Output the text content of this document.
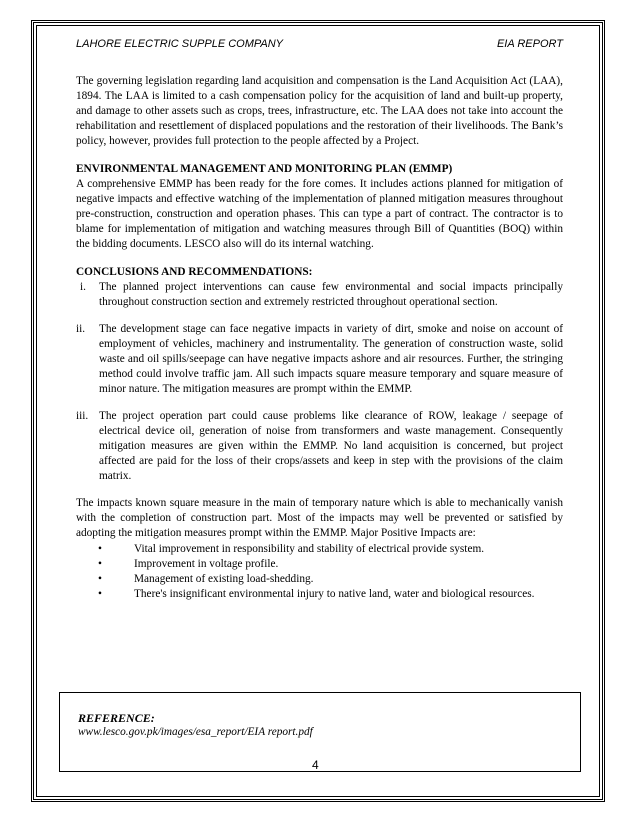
LAHORE ELECTRIC SUPPLE COMPANY	EIA REPORT

The governing legislation regarding land acquisition and compensation is the Land Acquisition Act (LAA), 1894. The LAA is limited to a cash compensation policy for the acquisition of land and built-up property, and damage to other assets such as crops, trees, infrastructure, etc. The LAA does not take into account the rehabilitation and resettlement of displaced populations and the restoration of their livelihoods. The Bank’s policy, however, provides full protection to the people affected by a Project.

ENVIRONMENTAL MANAGEMENT AND MONITORING PLAN (EMMP)

A comprehensive EMMP has been ready for the fore comes. It includes actions planned for mitigation of negative impacts and effective watching of the implementation of planned mitigation measures throughout pre-construction, construction and operation phases. This can type a part of contract. The contractor is to blame for implementation of mitigation and watching measures through Bill of Quantities (BOQ) within the bidding documents. LESCO also will do its internal watching.

CONCLUSIONS AND RECOMMENDATIONS:
i. The planned project interventions can cause few environmental and social impacts principally throughout construction section and extremely restricted throughout operational section.
ii. The development stage can face negative impacts in variety of dirt, smoke and noise on account of employment of vehicles, machinery and instrumentality. The generation of construction waste, solid waste and oil spills/seepage can have negative impacts ashore and air resources. Further, the stringing method could involve traffic jam. All such impacts square measure temporary and square measure of minor nature. The mitigation measures are prompt within the EMMP.
iii. The project operation part could cause problems like clearance of ROW, leakage / seepage of electrical device oil, generation of noise from transformers and waste management. Consequently mitigation measures are given within the EMMP. No land acquisition is concerned, but project affected are paid for the loss of their crops/assets and keep in step with the provisions of the claim matrix.

The impacts known square measure in the main of temporary nature which is able to mechanically vanish with the completion of construction part. Most of the impacts may well be prevented or satisfied by adopting the mitigation measures prompt within the EMMP. Major Positive Impacts are:

•	Vital improvement in responsibility and stability of electrical provide system.
•	Improvement in voltage profile.
•	Management of existing load-shedding.
•	There's insignificant environmental injury to native land, water and biological resources.
REFERENCE:
www.lesco.gov.pk/images/esa_report/EIA report.pdf
4
